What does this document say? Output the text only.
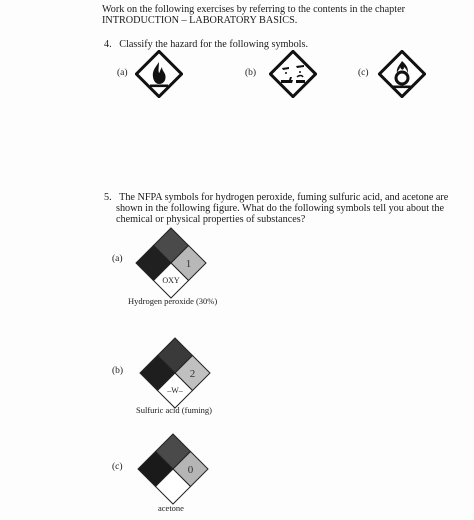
Work on the following exercises by referring to the contents in the chapter
INTRODUCTION – LABORATORY BASICS.
4.   Classify the hazard for the following symbols.
(a)	(b)	(c)
5.   The NFPA symbols for hydrogen peroxide, fuming sulfuric acid, and acetone are
shown in the following figure. What do the following symbols tell you about the
chemical or physical properties of substances?
(a)	1
OXY
Hydrogen peroxide (30%)
(b)	2
–W–
Sulfuric acid (fuming)
(c)	0
acetone
